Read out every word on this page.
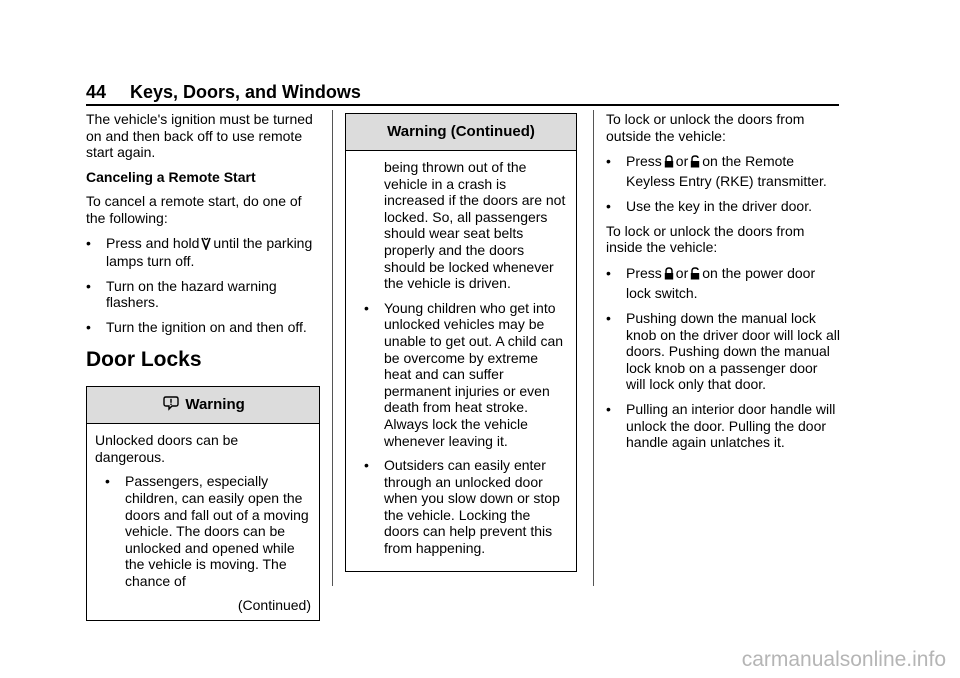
44 Keys, Doors, and Windows

The vehicle's ignition must be turned on and then back off to use remote start again.

Canceling a Remote Start

To cancel a remote start, do one of the following:

• Press and hold until the parking lamps turn off.
• Turn on the hazard warning flashers.
• Turn the ignition on and then off.
Door Locks
Warning

Unlocked doors can be dangerous.

• Passengers, especially children, can easily open the doors and fall out of a moving vehicle. The doors can be unlocked and opened while the vehicle is moving. The chance of
(Continued)
Warning (Continued)

being thrown out of the vehicle in a crash is increased if the doors are not locked. So, all passengers should wear seat belts properly and the doors should be locked whenever the vehicle is driven.

• Young children who get into unlocked vehicles may be unable to get out. A child can be overcome by extreme heat and can suffer permanent injuries or even death from heat stroke. Always lock the vehicle whenever leaving it.
• Outsiders can easily enter through an unlocked door when you slow down or stop the vehicle. Locking the doors can help prevent this from happening.

To lock or unlock the doors from outside the vehicle:

• Press or on the Remote Keyless Entry (RKE) transmitter.
• Use the key in the driver door.

To lock or unlock the doors from inside the vehicle:

• Press or on the power door lock switch.
• Pushing down the manual lock knob on the driver door will lock all doors. Pushing down the manual lock knob on a passenger door will lock only that door.
• Pulling an interior door handle will unlock the door. Pulling the door handle again unlatches it.
carmanualsonline.info
